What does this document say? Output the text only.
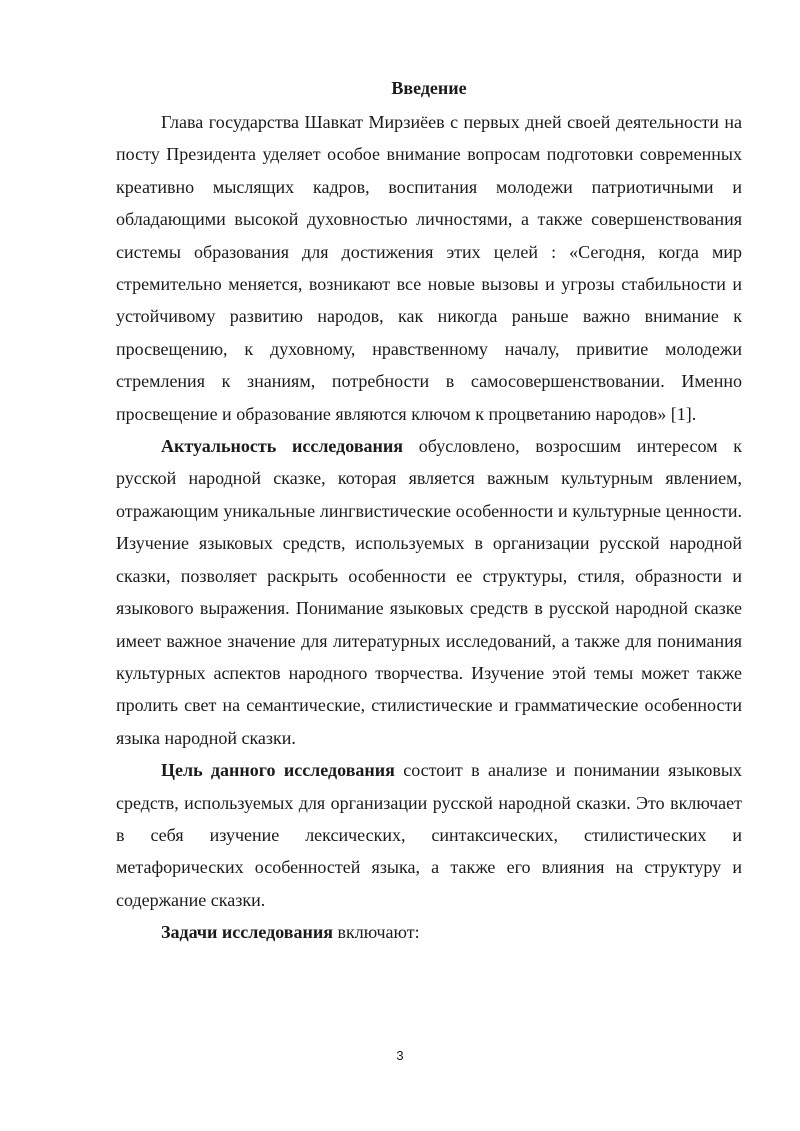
Введение

Глава государства Шавкат Мирзиёев с первых дней своей деятельности на посту Президента уделяет особое внимание вопросам подготовки современных креативно мыслящих кадров, воспитания молодежи патриотичными и обладающими высокой духовностью личностями, а также совершенствования системы образования для достижения этих целей : «Сегодня, когда мир стремительно меняется, возникают все новые вызовы и угрозы стабильности и устойчивому развитию народов, как никогда раньше важно внимание к просвещению, к духовному, нравственному началу, привитие молодежи стремления к знаниям, потребности в самосовершенствовании. Именно просвещение и образование являются ключом к процветанию народов» [1].

Актуальность исследования обусловлено, возросшим интересом к русской народной сказке, которая является важным культурным явлением, отражающим уникальные лингвистические особенности и культурные ценности. Изучение языковых средств, используемых в организации русской народной сказки, позволяет раскрыть особенности ее структуры, стиля, образности и языкового выражения. Понимание языковых средств в русской народной сказке имеет важное значение для литературных исследований, а также для понимания культурных аспектов народного творчества. Изучение этой темы может также пролить свет на семантические, стилистические и грамматические особенности языка народной сказки.

Цель данного исследования состоит в анализе и понимании языковых средств, используемых для организации русской народной сказки. Это включает в себя изучение лексических, синтаксических, стилистических и метафорических особенностей языка, а также его влияния на структуру и содержание сказки.

Задачи исследования включают:

3
